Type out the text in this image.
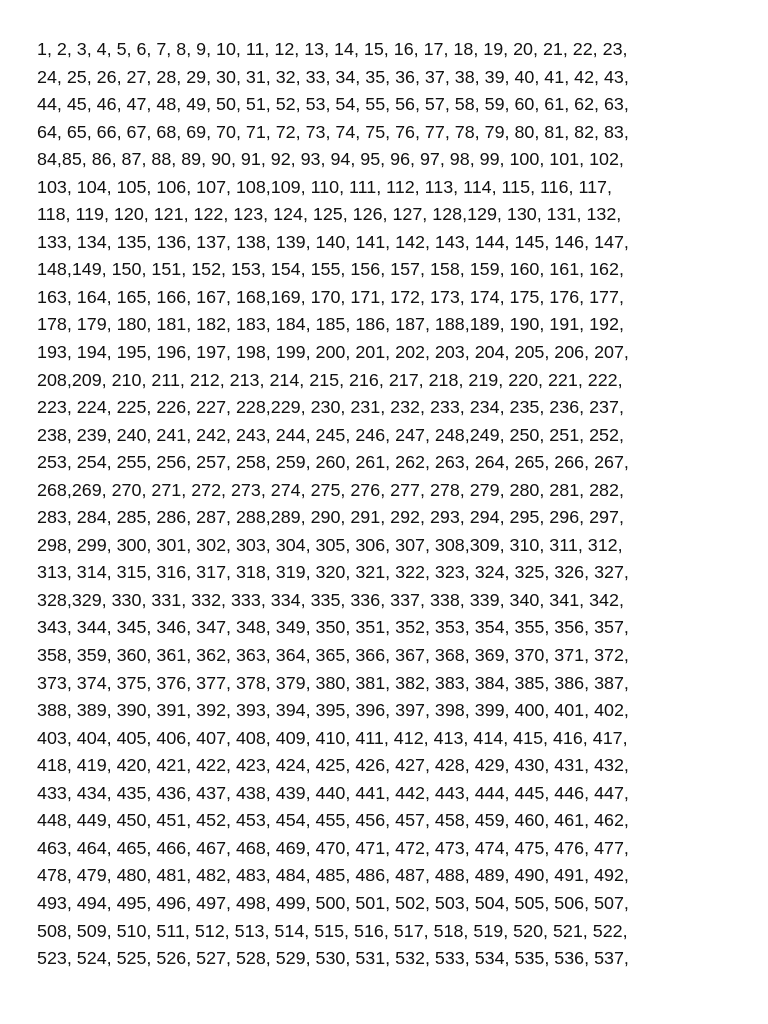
1, 2, 3, 4, 5, 6, 7, 8, 9, 10, 11, 12, 13, 14, 15, 16, 17, 18, 19, 20, 21, 22, 23,
24, 25, 26, 27, 28, 29, 30, 31, 32, 33, 34, 35, 36, 37, 38, 39, 40, 41, 42, 43,
44, 45, 46, 47, 48, 49, 50, 51, 52, 53, 54, 55, 56, 57, 58, 59, 60, 61, 62, 63,
64, 65, 66, 67, 68, 69, 70, 71, 72, 73, 74, 75, 76, 77, 78, 79, 80, 81, 82, 83,
84,85, 86, 87, 88, 89, 90, 91, 92, 93, 94, 95, 96, 97, 98, 99, 100, 101, 102,
103, 104, 105, 106, 107, 108,109, 110, 111, 112, 113, 114, 115, 116, 117,
118, 119, 120, 121, 122, 123, 124, 125, 126, 127, 128,129, 130, 131, 132,
133, 134, 135, 136, 137, 138, 139, 140, 141, 142, 143, 144, 145, 146, 147,
148,149, 150, 151, 152, 153, 154, 155, 156, 157, 158, 159, 160, 161, 162,
163, 164, 165, 166, 167, 168,169, 170, 171, 172, 173, 174, 175, 176, 177,
178, 179, 180, 181, 182, 183, 184, 185, 186, 187, 188,189, 190, 191, 192,
193, 194, 195, 196, 197, 198, 199, 200, 201, 202, 203, 204, 205, 206, 207,
208,209, 210, 211, 212, 213, 214, 215, 216, 217, 218, 219, 220, 221, 222,
223, 224, 225, 226, 227, 228,229, 230, 231, 232, 233, 234, 235, 236, 237,
238, 239, 240, 241, 242, 243, 244, 245, 246, 247, 248,249, 250, 251, 252,
253, 254, 255, 256, 257, 258, 259, 260, 261, 262, 263, 264, 265, 266, 267,
268,269, 270, 271, 272, 273, 274, 275, 276, 277, 278, 279, 280, 281, 282,
283, 284, 285, 286, 287, 288,289, 290, 291, 292, 293, 294, 295, 296, 297,
298, 299, 300, 301, 302, 303, 304, 305, 306, 307, 308,309, 310, 311, 312,
313, 314, 315, 316, 317, 318, 319, 320, 321, 322, 323, 324, 325, 326, 327,
328,329, 330, 331, 332, 333, 334, 335, 336, 337, 338, 339, 340, 341, 342,
343, 344, 345, 346, 347, 348, 349, 350, 351, 352, 353, 354, 355, 356, 357,
358, 359, 360, 361, 362, 363, 364, 365, 366, 367, 368, 369, 370, 371, 372,
373, 374, 375, 376, 377, 378, 379, 380, 381, 382, 383, 384, 385, 386, 387,
388, 389, 390, 391, 392, 393, 394, 395, 396, 397, 398, 399, 400, 401, 402,
403, 404, 405, 406, 407, 408, 409, 410, 411, 412, 413, 414, 415, 416, 417,
418, 419, 420, 421, 422, 423, 424, 425, 426, 427, 428, 429, 430, 431, 432,
433, 434, 435, 436, 437, 438, 439, 440, 441, 442, 443, 444, 445, 446, 447,
448, 449, 450, 451, 452, 453, 454, 455, 456, 457, 458, 459, 460, 461, 462,
463, 464, 465, 466, 467, 468, 469, 470, 471, 472, 473, 474, 475, 476, 477,
478, 479, 480, 481, 482, 483, 484, 485, 486, 487, 488, 489, 490, 491, 492,
493, 494, 495, 496, 497, 498, 499, 500, 501, 502, 503, 504, 505, 506, 507,
508, 509, 510, 511, 512, 513, 514, 515, 516, 517, 518, 519, 520, 521, 522,
523, 524, 525, 526, 527, 528, 529, 530, 531, 532, 533, 534, 535, 536, 537,
